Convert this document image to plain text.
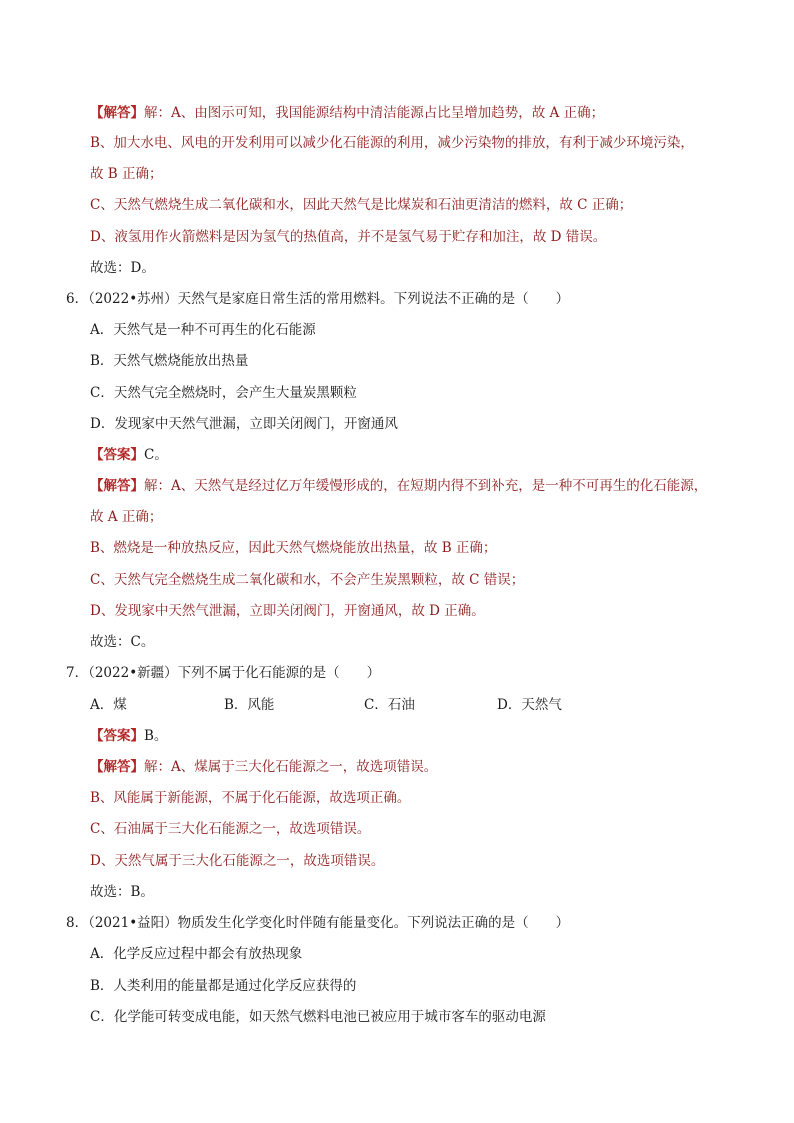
【解答】解：A、由图示可知，我国能源结构中清洁能源占比呈增加趋势，故 A 正确；
B、加大水电、风电的开发利用可以减少化石能源的利用，减少污染物的排放，有利于减少环境污染，
故 B 正确；
C、天然气燃烧生成二氧化碳和水，因此天然气是比煤炭和石油更清洁的燃料，故 C 正确；
D、液氢用作火箭燃料是因为氢气的热值高，并不是氢气易于贮存和加注，故 D 错误。
故选：D。
6．（2022•苏州）天然气是家庭日常生活的常用燃料。下列说法不正确的是（　　）
A．天然气是一种不可再生的化石能源
B．天然气燃烧能放出热量
C．天然气完全燃烧时，会产生大量炭黑颗粒
D．发现家中天然气泄漏，立即关闭阀门，开窗通风
【答案】C。
【解答】解：A、天然气是经过亿万年缓慢形成的，在短期内得不到补充，是一种不可再生的化石能源，
故 A 正确；
B、燃烧是一种放热反应，因此天然气燃烧能放出热量，故 B 正确；
C、天然气完全燃烧生成二氧化碳和水，不会产生炭黑颗粒，故 C 错误；
D、发现家中天然气泄漏，立即关闭阀门，开窗通风，故 D 正确。
故选：C。
7．（2022•新疆）下列不属于化石能源的是（　　）
A．煤	B．风能	C．石油	D．天然气
【答案】B。
【解答】解：A、煤属于三大化石能源之一，故选项错误。
B、风能属于新能源，不属于化石能源，故选项正确。
C、石油属于三大化石能源之一，故选项错误。
D、天然气属于三大化石能源之一，故选项错误。
故选：B。
8．（2021•益阳）物质发生化学变化时伴随有能量变化。下列说法正确的是（　　）
A．化学反应过程中都会有放热现象
B．人类利用的能量都是通过化学反应获得的
C．化学能可转变成电能，如天然气燃料电池已被应用于城市客车的驱动电源
